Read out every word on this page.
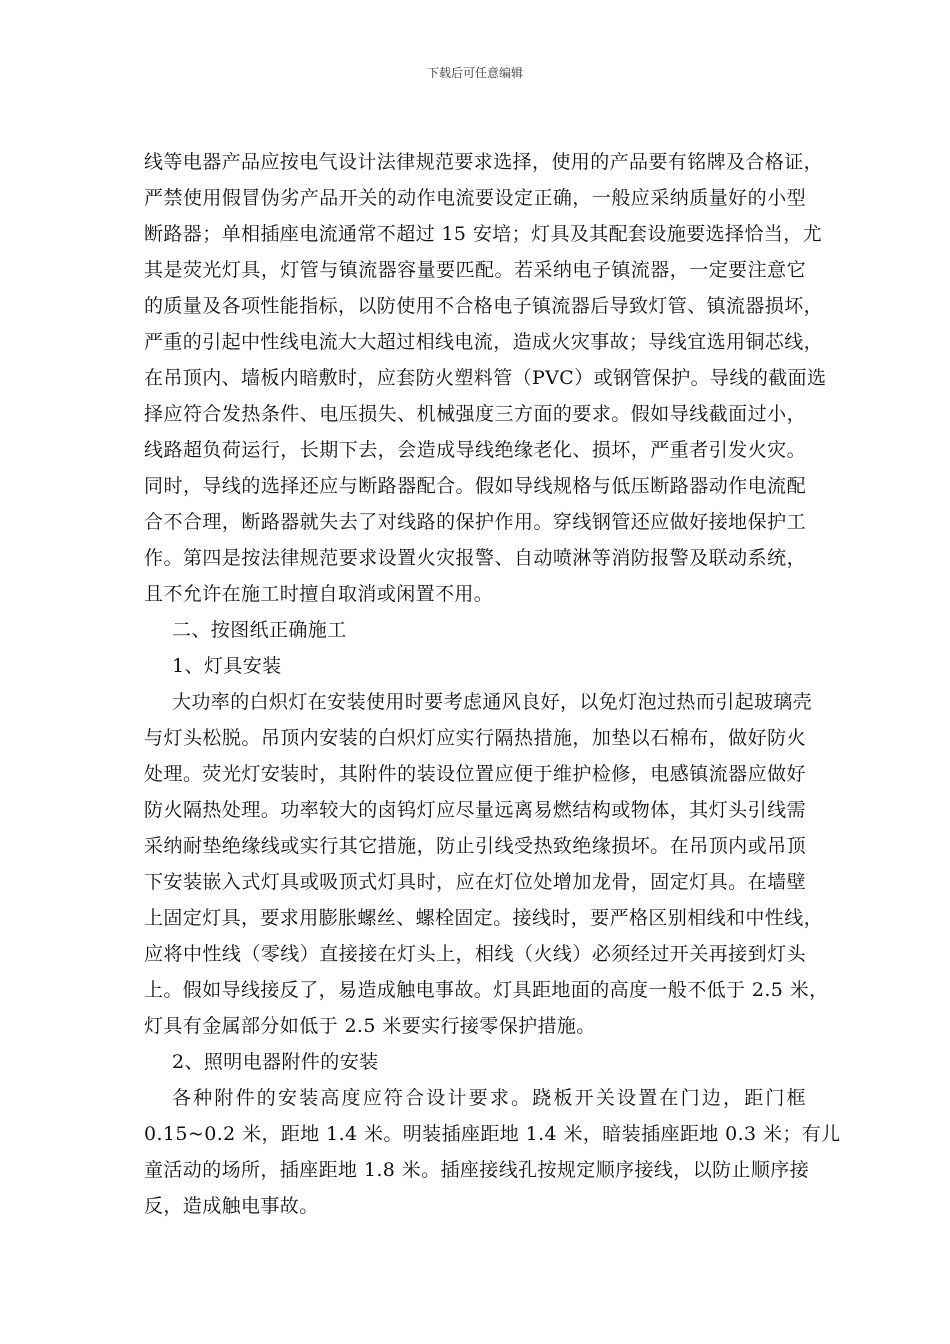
下载后可任意编辑
线等电器产品应按电气设计法律规范要求选择，使用的产品要有铭牌及合格证，
严禁使用假冒伪劣产品开关的动作电流要设定正确，一般应采纳质量好的小型
断路器；单相插座电流通常不超过 15 安培；灯具及其配套设施要选择恰当，尤
其是荧光灯具，灯管与镇流器容量要匹配。若采纳电子镇流器，一定要注意它
的质量及各项性能指标，以防使用不合格电子镇流器后导致灯管、镇流器损坏，
严重的引起中性线电流大大超过相线电流，造成火灾事故；导线宜选用铜芯线，
在吊顶内、墙板内暗敷时，应套防火塑料管（PVC）或钢管保护。导线的截面选
择应符合发热条件、电压损失、机械强度三方面的要求。假如导线截面过小，
线路超负荷运行，长期下去，会造成导线绝缘老化、损坏，严重者引发火灾。
同时，导线的选择还应与断路器配合。假如导线规格与低压断路器动作电流配
合不合理，断路器就失去了对线路的保护作用。穿线钢管还应做好接地保护工
作。第四是按法律规范要求设置火灾报警、自动喷淋等消防报警及联动系统，
且不允许在施工时擅自取消或闲置不用。
二、按图纸正确施工
1、灯具安装
大功率的白炽灯在安装使用时要考虑通风良好，以免灯泡过热而引起玻璃壳
与灯头松脱。吊顶内安装的白炽灯应实行隔热措施，加垫以石棉布，做好防火
处理。荧光灯安装时，其附件的装设位置应便于维护检修，电感镇流器应做好
防火隔热处理。功率较大的卤钨灯应尽量远离易燃结构或物体，其灯头引线需
采纳耐垫绝缘线或实行其它措施，防止引线受热致绝缘损坏。在吊顶内或吊顶
下安装嵌入式灯具或吸顶式灯具时，应在灯位处增加龙骨，固定灯具。在墙壁
上固定灯具，要求用膨胀螺丝、螺栓固定。接线时，要严格区别相线和中性线，
应将中性线（零线）直接接在灯头上，相线（火线）必须经过开关再接到灯头
上。假如导线接反了，易造成触电事故。灯具距地面的高度一般不低于 2.5 米，
灯具有金属部分如低于 2.5 米要实行接零保护措施。
2、照明电器附件的安装
各种附件的安装高度应符合设计要求。跷板开关设置在门边，距门框
0.15~0.2 米，距地 1.4 米。明装插座距地 1.4 米，暗装插座距地 0.3 米；有儿
童活动的场所，插座距地 1.8 米。插座接线孔按规定顺序接线，以防止顺序接
反，造成触电事故。
